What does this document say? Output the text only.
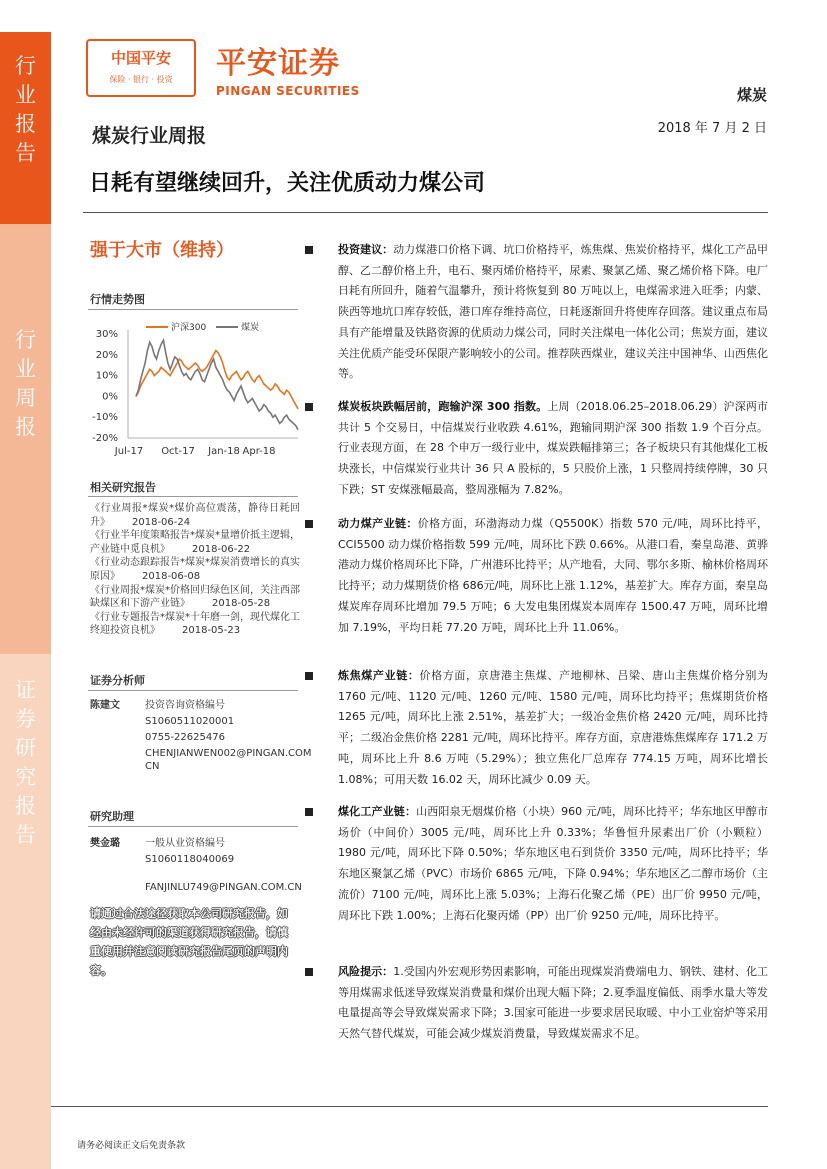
行
业
报
告
行
业
周
报
证
券
研
究
报
告
中国平安
保险 · 银行 · 投资	平安证券
PINGAN SECURITIES	煤炭
2018 年 7 月 2 日
煤炭行业周报
日耗有望继续回升，关注优质动力煤公司
强于大市（维持）
行情走势图
30%
20%
10%
0%
-10%
-20%
Jul-17 Oct-17 Jan-18 Apr-18
沪深300	煤炭
相关研究报告
《行业周报*煤炭*煤价高位震荡，静待日耗回升》 2018-06-24
《行业半年度策略报告*煤炭*量增价抵主逻辑，产业链中觅良机》 2018-06-22
《行业动态跟踪报告*煤炭*煤炭消费增长的真实原因》 2018-06-08
《行业周报*煤炭*价格回归绿色区间，关注西部缺煤区和下游产业链》 2018-05-28
《行业专题报告*煤炭*十年磨一剑，现代煤化工终迎投资良机》 2018-05-23
证券分析师
陈建文	投资咨询资格编号
S1060511020001
0755-22625476
CHENJIANWEN002@PINGAN.COM
CN
研究助理
樊金璐	一般从业资格编号
S1060118040069
FANJINLU749@PINGAN.COM.CN
请通过合法途径获取本公司研究报告，如经由未经许可的渠道获得研究报告，请慎重使用并注意阅读研究报告尾页的声明内容。
投资建议：动力煤港口价格下调、坑口价格持平，炼焦煤、焦炭价格持平，煤化工产品甲醇、乙二醇价格上升，电石、聚丙烯价格持平，尿素、聚氯乙烯、聚乙烯价格下降。电厂日耗有所回升，随着气温攀升，预计将恢复到 80 万吨以上，电煤需求进入旺季；内蒙、陕西等地坑口库存较低，港口库存维持高位，日耗逐渐回升将使库存回落。建议重点布局具有产能增量及铁路资源的优质动力煤公司，同时关注煤电一体化公司；焦炭方面，建议关注优质产能受环保限产影响较小的公司。推荐陕西煤业，建议关注中国神华、山西焦化等。
煤炭板块跌幅居前，跑输沪深 300 指数。上周（2018.06.25–2018.06.29）沪深两市共计 5 个交易日，中信煤炭行业收跌 4.61%，跑输同期沪深 300 指数 1.9 个百分点。行业表现方面，在 28 个申万一级行业中，煤炭跌幅排第三；各子板块只有其他煤化工板块涨长，中信煤炭行业共计 36 只 A 股标的，5 只股价上涨，1 只整周持续停牌，30 只下跌；ST 安煤涨幅最高，整周涨幅为 7.82%。
动力煤产业链：价格方面，环渤海动力煤（Q5500K）指数 570 元/吨，周环比持平，CCI5500 动力煤价格指数 599 元/吨，周环比下跌 0.66%。从港口看，秦皇岛港、黄骅港动力煤价格周环比下降，广州港环比持平；从产地看，大同、鄂尔多斯、榆林价格周环比持平；动力煤期货价格 686元/吨，周环比上涨 1.12%，基差扩大。库存方面，秦皇岛煤炭库存周环比增加 79.5 万吨；6 大发电集团煤炭本周库存 1500.47 万吨，周环比增加 7.19%，平均日耗 77.20 万吨，周环比上升 11.06%。
炼焦煤产业链：价格方面，京唐港主焦煤、产地柳林、吕梁、唐山主焦煤价格分别为 1760 元/吨、1120 元/吨、1260 元/吨、1580 元/吨，周环比均持平；焦煤期货价格 1265 元/吨，周环比上涨 2.51%，基差扩大；一级冶金焦价格 2420 元/吨，周环比持平；二级冶金焦价格 2281 元/吨，周环比持平。库存方面，京唐港炼焦煤库存 171.2 万吨，周环比上升 8.6 万吨（5.29%）；独立焦化厂总库存 774.15 万吨，周环比增长 1.08%；可用天数 16.02 天，周环比减少 0.09 天。
煤化工产业链：山西阳泉无烟煤价格（小块）960 元/吨，周环比持平；华东地区甲醇市场价（中间价）3005 元/吨，周环比上升 0.33%；华鲁恒升尿素出厂价（小颗粒）1980 元/吨，周环比下降 0.50%；华东地区电石到货价 3350 元/吨，周环比持平；华东地区聚氯乙烯（PVC）市场价 6865 元/吨，下降 0.94%；华东地区乙二醇市场价（主流价）7100 元/吨，周环比上涨 5.03%；上海石化聚乙烯（PE）出厂价 9950 元/吨，周环比下跌 1.00%；上海石化聚丙烯（PP）出厂价 9250 元/吨，周环比持平。
风险提示：1.受国内外宏观形势因素影响，可能出现煤炭消费端电力、钢铁、建材、化工等用煤需求低迷导致煤炭消费量和煤价出现大幅下降；2.夏季温度偏低、雨季水量大等发电量提高等会导致煤炭需求下降；3.国家可能进一步要求居民取暖、中小工业窑炉等采用天然气替代煤炭，可能会减少煤炭消费量，导致煤炭需求不足。
请务必阅读正文后免责条款
